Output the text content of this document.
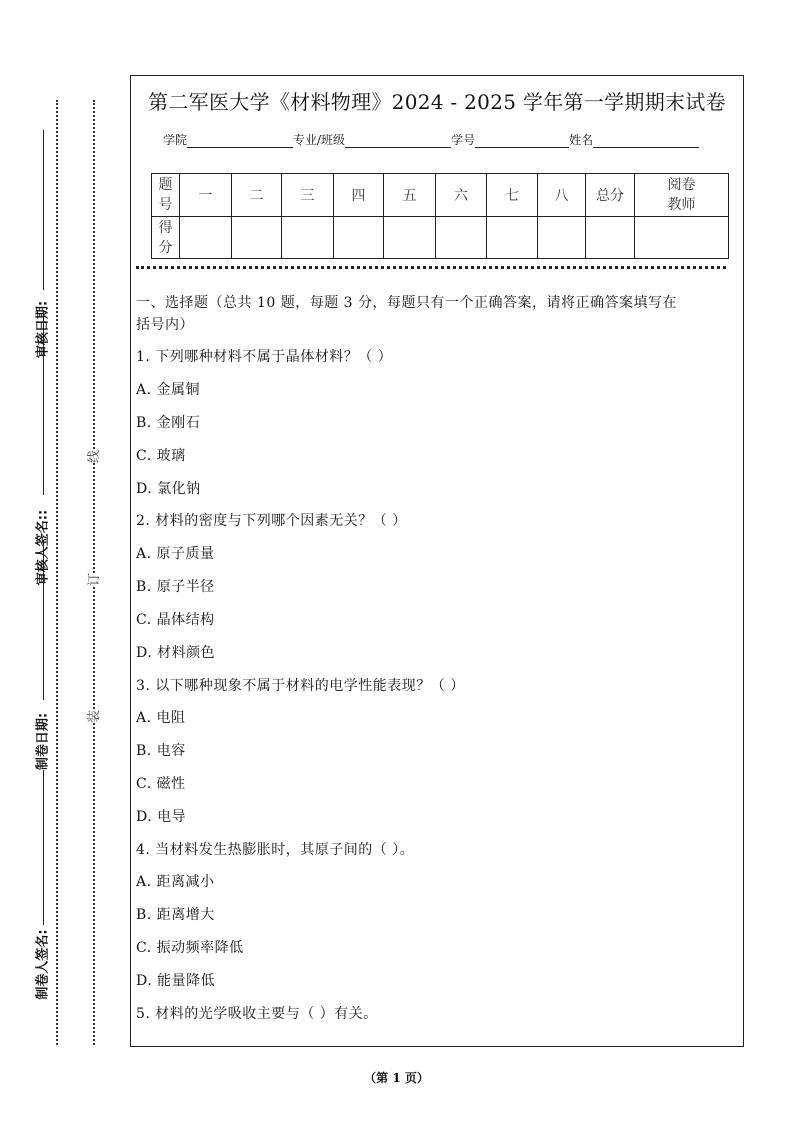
审核日期:
审核人签名::
制卷日期:
制卷人签名:
线
订
装
第二军医大学《材料物理》2024 - 2025 学年第一学期期末试卷
学院	专业/班级	学号	姓名
题号	一	二	三	四	五	六	七	八	总分	阅卷教师
得分										
一、选择题（总共 10 题，每题 3 分，每题只有一个正确答案，请将正确答案填写在
括号内）
1. 下列哪种材料不属于晶体材料？（ ）
A. 金属铜
B. 金刚石
C. 玻璃
D. 氯化钠
2. 材料的密度与下列哪个因素无关？（ ）
A. 原子质量
B. 原子半径
C. 晶体结构
D. 材料颜色
3. 以下哪种现象不属于材料的电学性能表现？（ ）
A. 电阻
B. 电容
C. 磁性
D. 电导
4. 当材料发生热膨胀时，其原子间的（ ）。
A. 距离减小
B. 距离增大
C. 振动频率降低
D. 能量降低
5. 材料的光学吸收主要与（ ）有关。
（第 1 页）
